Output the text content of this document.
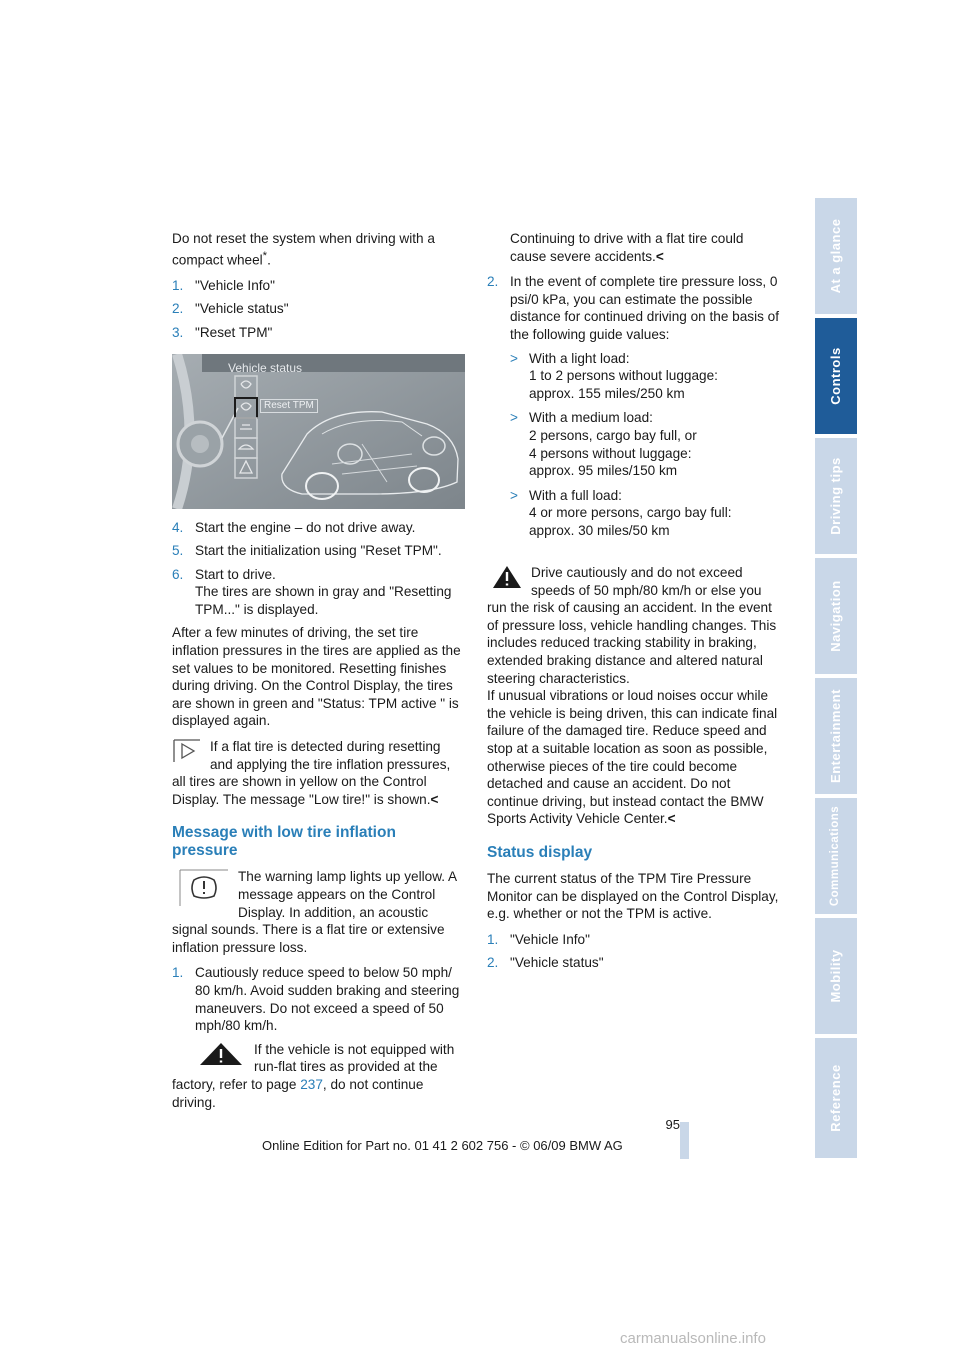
Do not reset the system when driving with a compact wheel*.

1. "Vehicle Info"
2. "Vehicle status"
3. "Reset TPM"
Vehicle status
Reset TPM
4. Start the engine – do not drive away.
5. Start the initialization using "Reset TPM".
6. Start to drive.
The tires are shown in gray and "Resetting TPM..." is displayed.

After a few minutes of driving, the set tire inflation pressures in the tires are applied as the set values to be monitored. Resetting finishes during driving. On the Control Display, the tires are shown in green and "Status: TPM active " is displayed again.

If a flat tire is detected during resetting and applying the tire inflation pressures, all tires are shown in yellow on the Control Display. The message "Low tire!" is shown.<
Message with low tire inflation pressure
The warning lamp lights up yellow. A message appears on the Control Display. In addition, an acoustic signal sounds. There is a flat tire or extensive inflation pressure loss.
1. Cautiously reduce speed to below 50 mph/ 80 km/h. Avoid sudden braking and steering maneuvers. Do not exceed a speed of 50 mph/80 km/h.
If the vehicle is not equipped with run-flat tires as provided at the factory, refer to page 237, do not continue driving.
Continuing to drive with a flat tire could cause severe accidents.<
2. In the event of complete tire pressure loss, 0 psi/0 kPa, you can estimate the possible distance for continued driving on the basis of the following guide values:
> With a light load:
1 to 2 persons without luggage:
approx. 155 miles/250 km
> With a medium load:
2 persons, cargo bay full, or
4 persons without luggage:
approx. 95 miles/150 km
> With a full load:
4 or more persons, cargo bay full:
approx. 30 miles/50 km

Drive cautiously and do not exceed speeds of 50 mph/80 km/h or else you run the risk of causing an accident. In the event of pressure loss, vehicle handling changes. This includes reduced tracking stability in braking, extended braking distance and altered natural steering characteristics.
If unusual vibrations or loud noises occur while the vehicle is being driven, this can indicate final failure of the damaged tire. Reduce speed and stop at a suitable location as soon as possible, otherwise pieces of the tire could become detached and cause an accident. Do not continue driving, but instead contact the BMW Sports Activity Vehicle Center.<

Status display

The current status of the TPM Tire Pressure Monitor can be displayed on the Control Display, e.g. whether or not the TPM is active.

1. "Vehicle Info"
2. "Vehicle status"
At a glance
Controls
Driving tips
Navigation
Entertainment
Communications
Mobility
Reference
95
Online Edition for Part no. 01 41 2 602 756 - © 06/09 BMW AG
carmanualsonline.info
